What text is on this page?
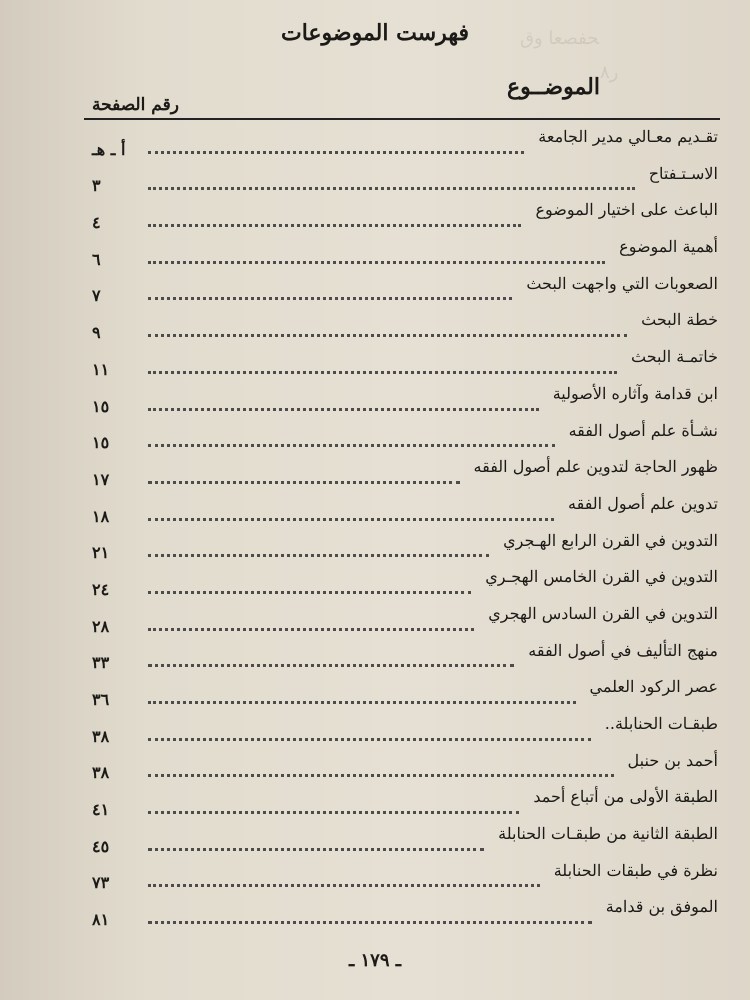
ﺤﻔﺼﻌﺎ ﻭﻕ
ﺭ٨
فهرست الموضوعات
الموضــوع
رقم الصفحة
تقـديم معـالي مدير الجامعة
أ ـ هـ
الاسـتـفتاح
٣
الباعث على اختيار الموضوع
٤
أهمية الموضوع
٦
الصعوبات التي واجهت البحث
٧
خطة البحث
٩
خاتمـة البحث
١١
ابن قدامة وآثاره الأصولية
١٥
نشـأة علم أصول الفقه
١٥
ظهور الحاجة لتدوين علم أصول الفقه
١٧
تدوين علم أصول الفقه
١٨
التدوين في القرن الرابع الهـجري
٢١
التدوين في القرن الخامس الهجـري
٢٤
التدوين في القرن السادس الهجري
٢٨
منهج التأليف في أصول الفقه
٣٣
عصر الركود العلمي
٣٦
طبقـات الحنابلة..
٣٨
أحمد بن حنبل
٣٨
الطبقة الأولى من أتباع أحمد
٤١
الطبقة الثانية من طبقـات الحنابلة
٤٥
نظرة في طبقات الحنابلة
٧٣
الموفق بن قدامة
٨١
ـ ١٧٩ ـ
